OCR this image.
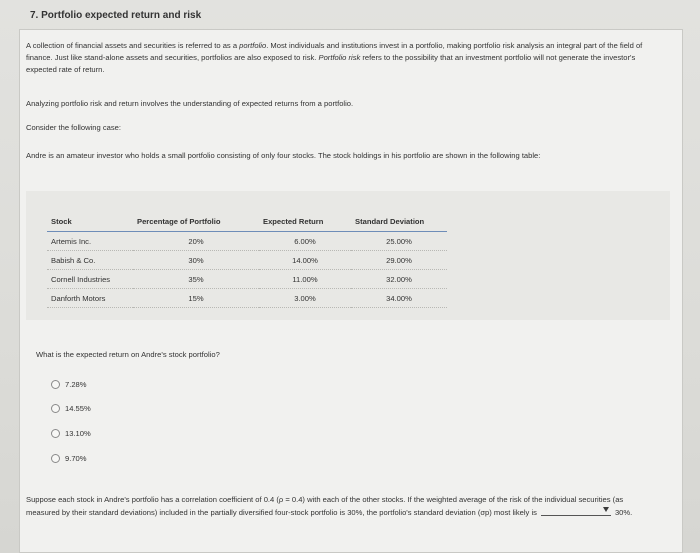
7. Portfolio expected return and risk

A collection of financial assets and securities is referred to as a portfolio. Most individuals and institutions invest in a portfolio, making portfolio risk analysis an integral part of the field of finance. Just like stand-alone assets and securities, portfolios are also exposed to risk. Portfolio risk refers to the possibility that an investment portfolio will not generate the investor's expected rate of return.

Analyzing portfolio risk and return involves the understanding of expected returns from a portfolio.

Consider the following case:

Andre is an amateur investor who holds a small portfolio consisting of only four stocks. The stock holdings in his portfolio are shown in the following table:

Stock	Percentage of Portfolio	Expected Return	Standard Deviation
Artemis Inc.	20%	6.00%	25.00%
Babish & Co.	30%	14.00%	29.00%
Cornell Industries	35%	11.00%	32.00%
Danforth Motors	15%	3.00%	34.00%
What is the expected return on Andre's stock portfolio?
7.28%
14.55%
13.10%
9.70%

Suppose each stock in Andre's portfolio has a correlation coefficient of 0.4 (ρ = 0.4) with each of the other stocks. If the weighted average of the risk of the individual securities (as measured by their standard deviations) included in the partially diversified four-stock portfolio is 30%, the portfolio's standard deviation (σp) most likely is	30%.
